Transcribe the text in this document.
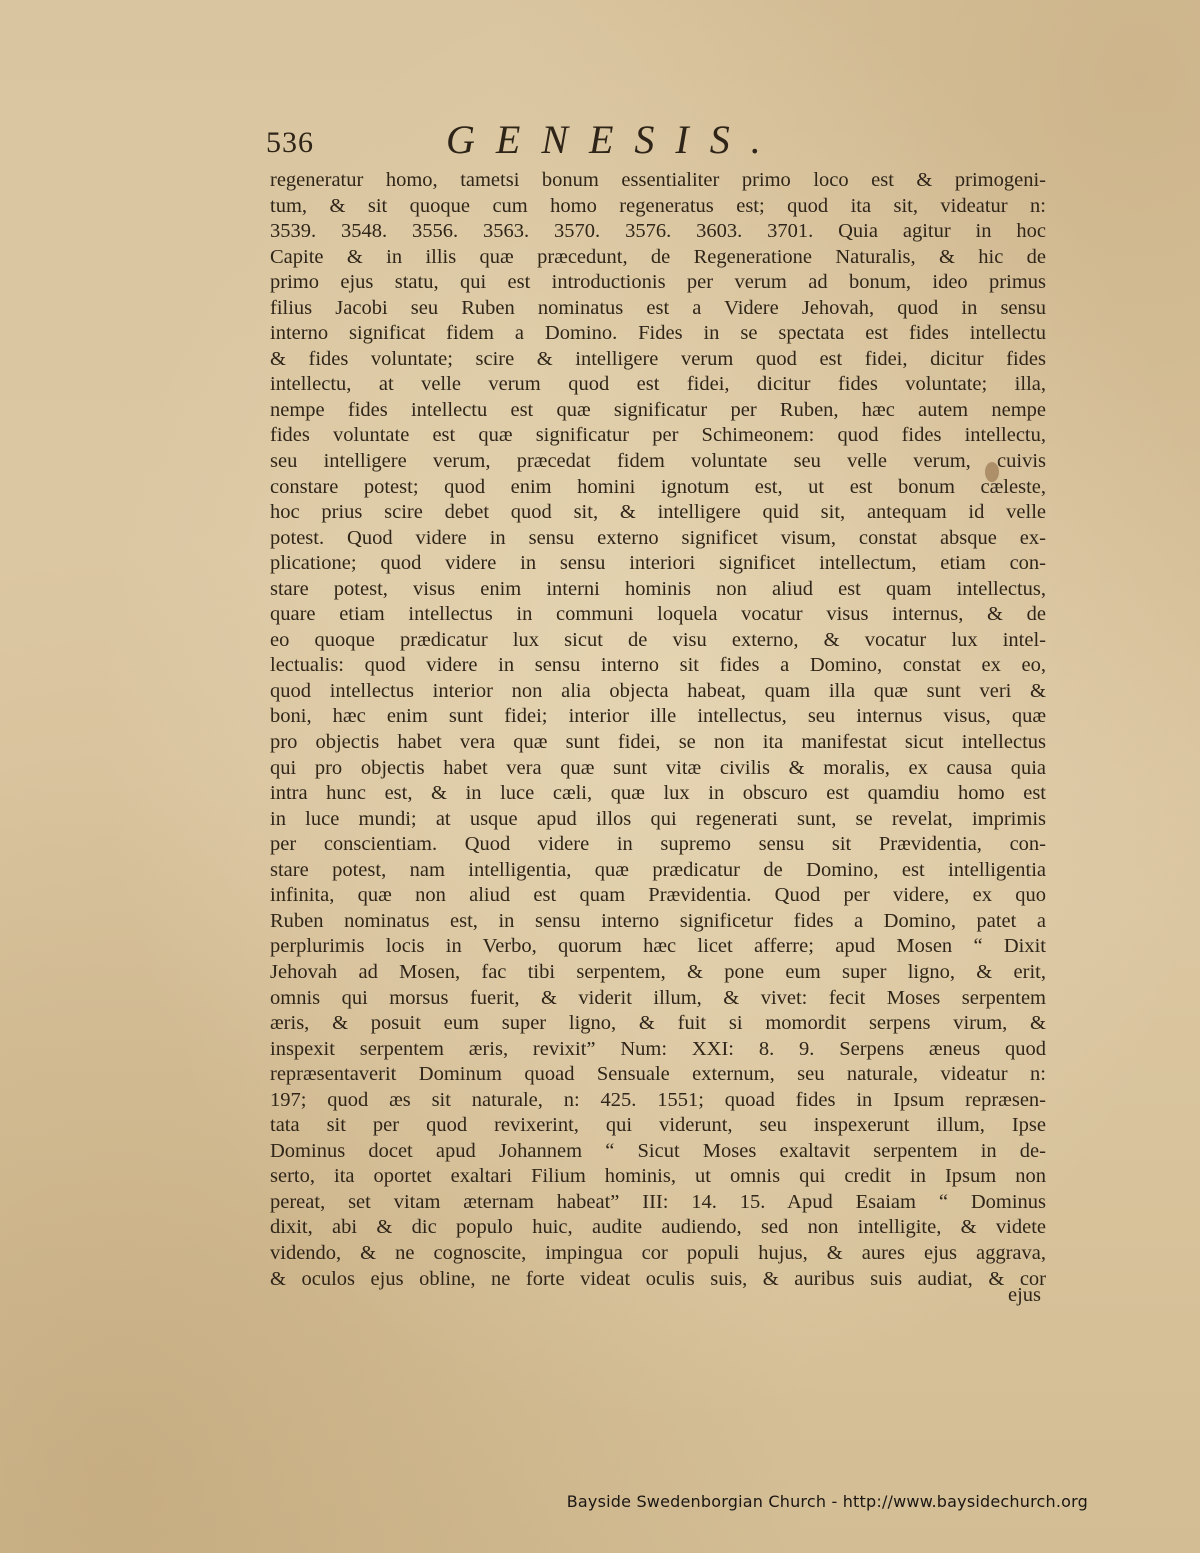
536	GENESIS.
regeneratur homo, tametsi bonum essentialiter primo loco est & primogeni-
tum, & sit quoque cum homo regeneratus est; quod ita sit, videatur n:
3539. 3548. 3556. 3563. 3570. 3576. 3603. 3701. Quia agitur in hoc
Capite & in illis quæ præcedunt, de Regeneratione Naturalis, & hic de
primo ejus statu, qui est introductionis per verum ad bonum, ideo primus
filius Jacobi seu Ruben nominatus est a Videre Jehovah, quod in sensu
interno significat fidem a Domino. Fides in se spectata est fides intellectu
& fides voluntate; scire & intelligere verum quod est fidei, dicitur fides
intellectu, at velle verum quod est fidei, dicitur fides voluntate; illa,
nempe fides intellectu est quæ significatur per Ruben, hæc autem nempe
fides voluntate est quæ significatur per Schimeonem: quod fides intellectu,
seu intelligere verum, præcedat fidem voluntate seu velle verum, cuivis
constare potest; quod enim homini ignotum est, ut est bonum cæleste,
hoc prius scire debet quod sit, & intelligere quid sit, antequam id velle
potest. Quod videre in sensu externo significet visum, constat absque ex-
plicatione; quod videre in sensu interiori significet intellectum, etiam con-
stare potest, visus enim interni hominis non aliud est quam intellectus,
quare etiam intellectus in communi loquela vocatur visus internus, & de
eo quoque prædicatur lux sicut de visu externo, & vocatur lux intel-
lectualis: quod videre in sensu interno sit fides a Domino, constat ex eo,
quod intellectus interior non alia objecta habeat, quam illa quæ sunt veri &
boni, hæc enim sunt fidei; interior ille intellectus, seu internus visus, quæ
pro objectis habet vera quæ sunt fidei, se non ita manifestat sicut intellectus
qui pro objectis habet vera quæ sunt vitæ civilis & moralis, ex causa quia
intra hunc est, & in luce cæli, quæ lux in obscuro est quamdiu homo est
in luce mundi; at usque apud illos qui regenerati sunt, se revelat, imprimis
per conscientiam. Quod videre in supremo sensu sit Prævidentia, con-
stare potest, nam intelligentia, quæ prædicatur de Domino, est intelligentia
infinita, quæ non aliud est quam Prævidentia. Quod per videre, ex quo
Ruben nominatus est, in sensu interno significetur fides a Domino, patet a
perplurimis locis in Verbo, quorum hæc licet afferre; apud Mosen “ Dixit
Jehovah ad Mosen, fac tibi serpentem, & pone eum super ligno, & erit,
omnis qui morsus fuerit, & viderit illum, & vivet: fecit Moses serpentem
æris, & posuit eum super ligno, & fuit si momordit serpens virum, &
inspexit serpentem æris, revixit” Num: XXI: 8. 9. Serpens æneus quod
repræsentaverit Dominum quoad Sensuale externum, seu naturale, videatur n:
197; quod æs sit naturale, n: 425. 1551; quoad fides in Ipsum repræsen-
tata sit per quod revixerint, qui viderunt, seu inspexerunt illum, Ipse
Dominus docet apud Johannem “ Sicut Moses exaltavit serpentem in de-
serto, ita oportet exaltari Filium hominis, ut omnis qui credit in Ipsum non
pereat, set vitam æternam habeat” III: 14. 15. Apud Esaiam “ Dominus
dixit, abi & dic populo huic, audite audiendo, sed non intelligite, & videte
videndo, & ne cognoscite, impingua cor populi hujus, & aures ejus aggrava,
& oculos ejus obline, ne forte videat oculis suis, & auribus suis audiat, & cor
ejus
Bayside Swedenborgian Church - http://www.baysidechurch.org
